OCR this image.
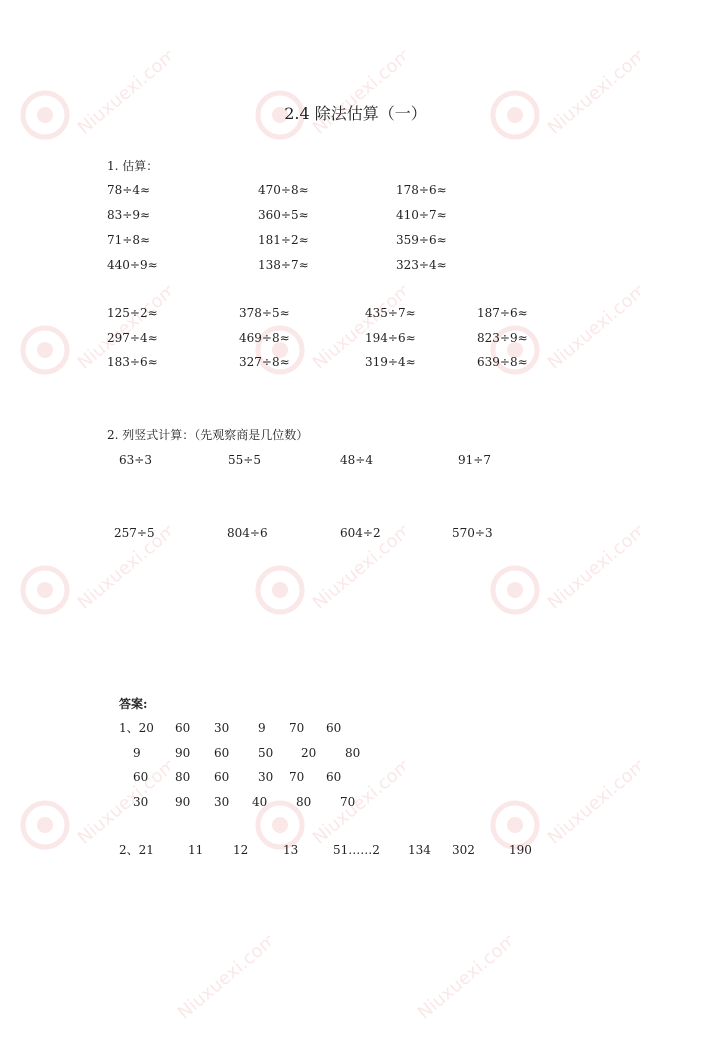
Niuxuexi.com	Niuxuexi.com	Niuxuexi.com
Niuxuexi.com	Niuxuexi.com	Niuxuexi.com
Niuxuexi.com	Niuxuexi.com	Niuxuexi.com
Niuxuexi.com	Niuxuexi.com	Niuxuexi.com
Niuxuexi.com	Niuxuexi.com
2.4 除法估算（一）
1. 估算：
78÷4≈	470÷8≈	178÷6≈
83÷9≈	360÷5≈	410÷7≈
71÷8≈	181÷2≈	359÷6≈
440÷9≈	138÷7≈	323÷4≈
125÷2≈	378÷5≈	435÷7≈	187÷6≈
297÷4≈	469÷8≈	194÷6≈	823÷9≈
183÷6≈	327÷8≈	319÷4≈	639÷8≈
2. 列竖式计算：（先观察商是几位数）
63÷3	55÷5	48÷4	91÷7
257÷5	804÷6	604÷2	570÷3
答案:
1、20 60 30 9 70 60
9	90 60 50 20 80
60 80 60 30 70 60
30 90 30 40 80 70
2、21	11 12	13	51……2 134 302	190
